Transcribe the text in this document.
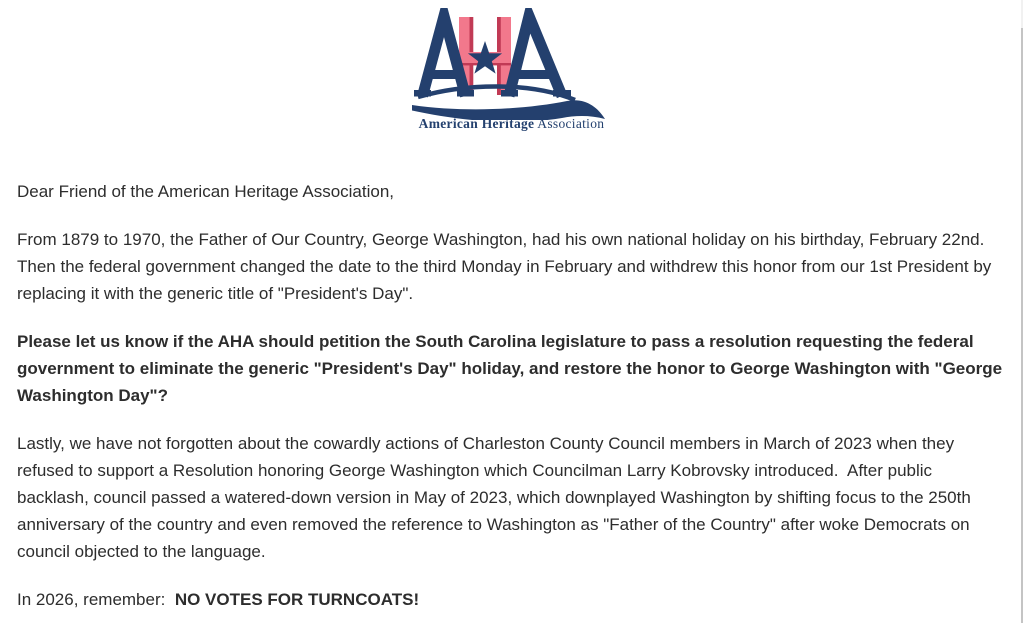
American Heritage Association

Dear Friend of the American Heritage Association,

From 1879 to 1970, the Father of Our Country, George Washington, had his own national holiday on his birthday, February 22nd.  Then the federal government changed the date to the third Monday in February and withdrew this honor from our 1st President by replacing it with the generic title of "President's Day".

Please let us know if the AHA should petition the South Carolina legislature to pass a resolution requesting the federal government to eliminate the generic "President's Day" holiday, and restore the honor to George Washington with "George Washington Day"?

Lastly, we have not forgotten about the cowardly actions of Charleston County Council members in March of 2023 when they refused to support a Resolution honoring George Washington which Councilman Larry Kobrovsky introduced.  After public backlash, council passed a watered-down version in May of 2023, which downplayed Washington by shifting focus to the 250th anniversary of the country and even removed the reference to Washington as "Father of the Country" after woke Democrats on council objected to the language.

In 2026, remember:  NO VOTES FOR TURNCOATS!
